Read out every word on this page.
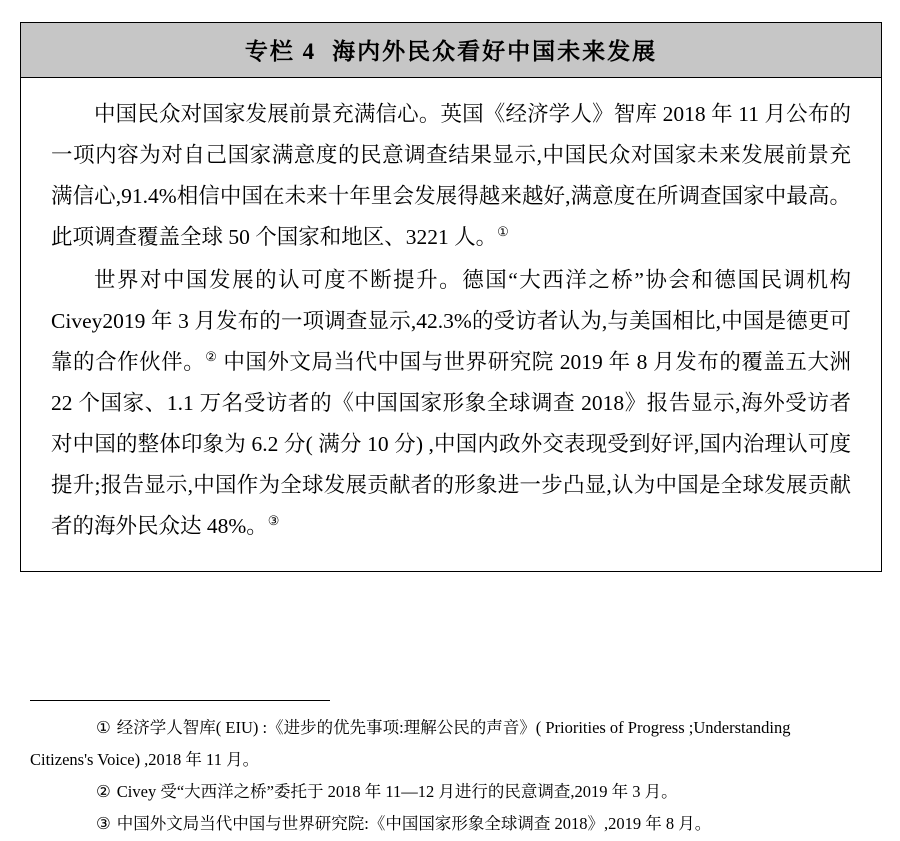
专栏 4 海内外民众看好中国未来发展

中国民众对国家发展前景充满信心。英国《经济学人》智库 2018 年 11 月公布的一项内容为对自己国家满意度的民意调查结果显示,中国民众对国家未来发展前景充满信心,91.4%相信中国在未来十年里会发展得越来越好,满意度在所调查国家中最高。此项调查覆盖全球 50 个国家和地区、3221 人。①

世界对中国发展的认可度不断提升。德国“大西洋之桥”协会和德国民调机构 Civey2019 年 3 月发布的一项调查显示,42.3%的受访者认为,与美国相比,中国是德更可靠的合作伙伴。② 中国外文局当代中国与世界研究院 2019 年 8 月发布的覆盖五大洲 22 个国家、1.1 万名受访者的《中国国家形象全球调查 2018》报告显示,海外受访者对中国的整体印象为 6.2 分( 满分 10 分) ,中国内政外交表现受到好评,国内治理认可度提升;报告显示,中国作为全球发展贡献者的形象进一步凸显,认为中国是全球发展贡献者的海外民众达 48%。③

① 经济学人智库( EIU) :《进步的优先事项:理解公民的声音》( Priorities of Progress ;Understanding

Citizens's Voice) ,2018 年 11 月。

② Civey 受“大西洋之桥”委托于 2018 年 11—12 月进行的民意调查,2019 年 3 月。

③ 中国外文局当代中国与世界研究院:《中国国家形象全球调查 2018》,2019 年 8 月。
